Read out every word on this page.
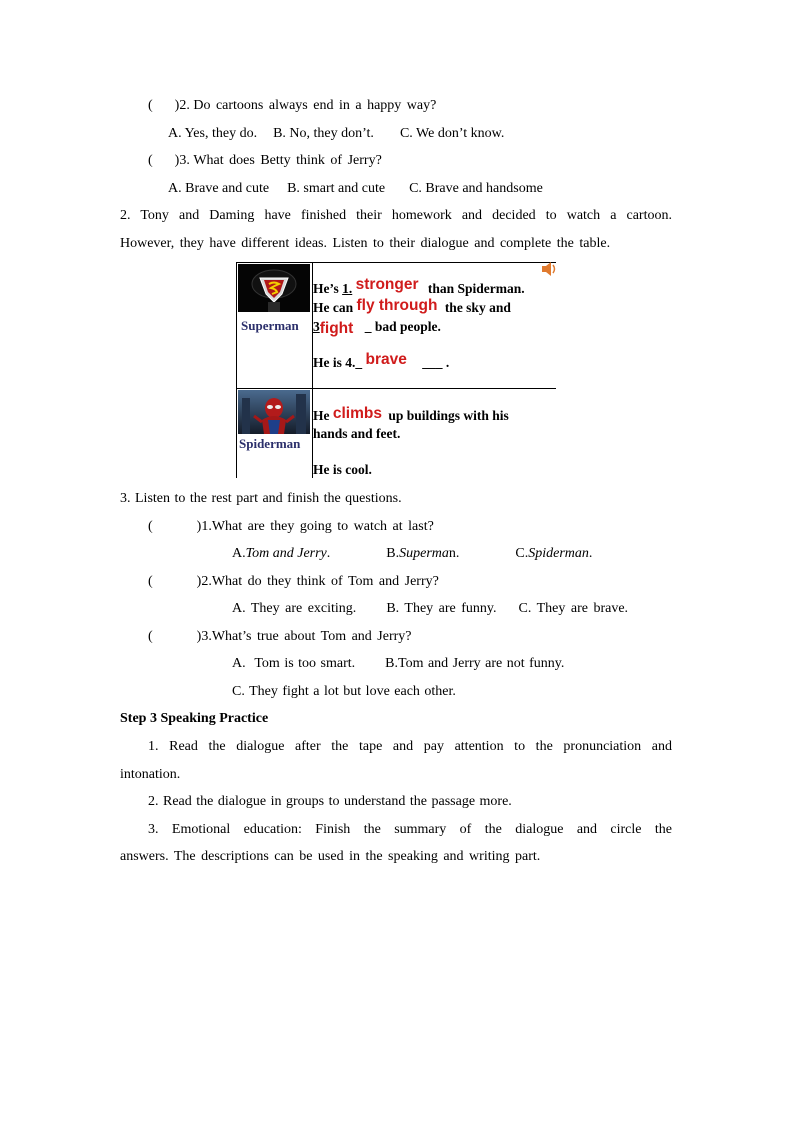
( )2. Do cartoons always end in a happy way?
A. Yes, they do. B. No, they don’t. C. We don’t know.
( )3. What does Betty think of Jerry?
A. Brave and cute B. smart and cute C. Brave and handsome
2. Tony and Daming have finished their homework and decided to watch a cartoon.
However, they have different ideas. Listen to their dialogue and complete the table.
Superman
He’s 1. stronger than Spiderman.
He can fly through the sky and
3fight _ bad people.
He is 4._ brave ___ .
Spiderman
He climbs up buildings with his
hands and feet.
He is cool.
3. Listen to the rest part and finish the questions.
(	)1.What are they going to watch at last?
A.Tom and Jerry.	B.Superman.	C.Spiderman.
(	)2.What do they think of Tom and Jerry?
A. They are exciting. B. They are funny. C. They are brave.
(	)3.What’s true about Tom and Jerry?
A.  Tom is too smart. B.Tom and Jerry are not funny.
C. They fight a lot but love each other.
Step 3 Speaking Practice
1. Read the dialogue after the tape and pay attention to the pronunciation and
intonation.
2. Read the dialogue in groups to understand the passage more.
3. Emotional education: Finish the summary of the dialogue and circle the
answers. The descriptions can be used in the speaking and writing part.
